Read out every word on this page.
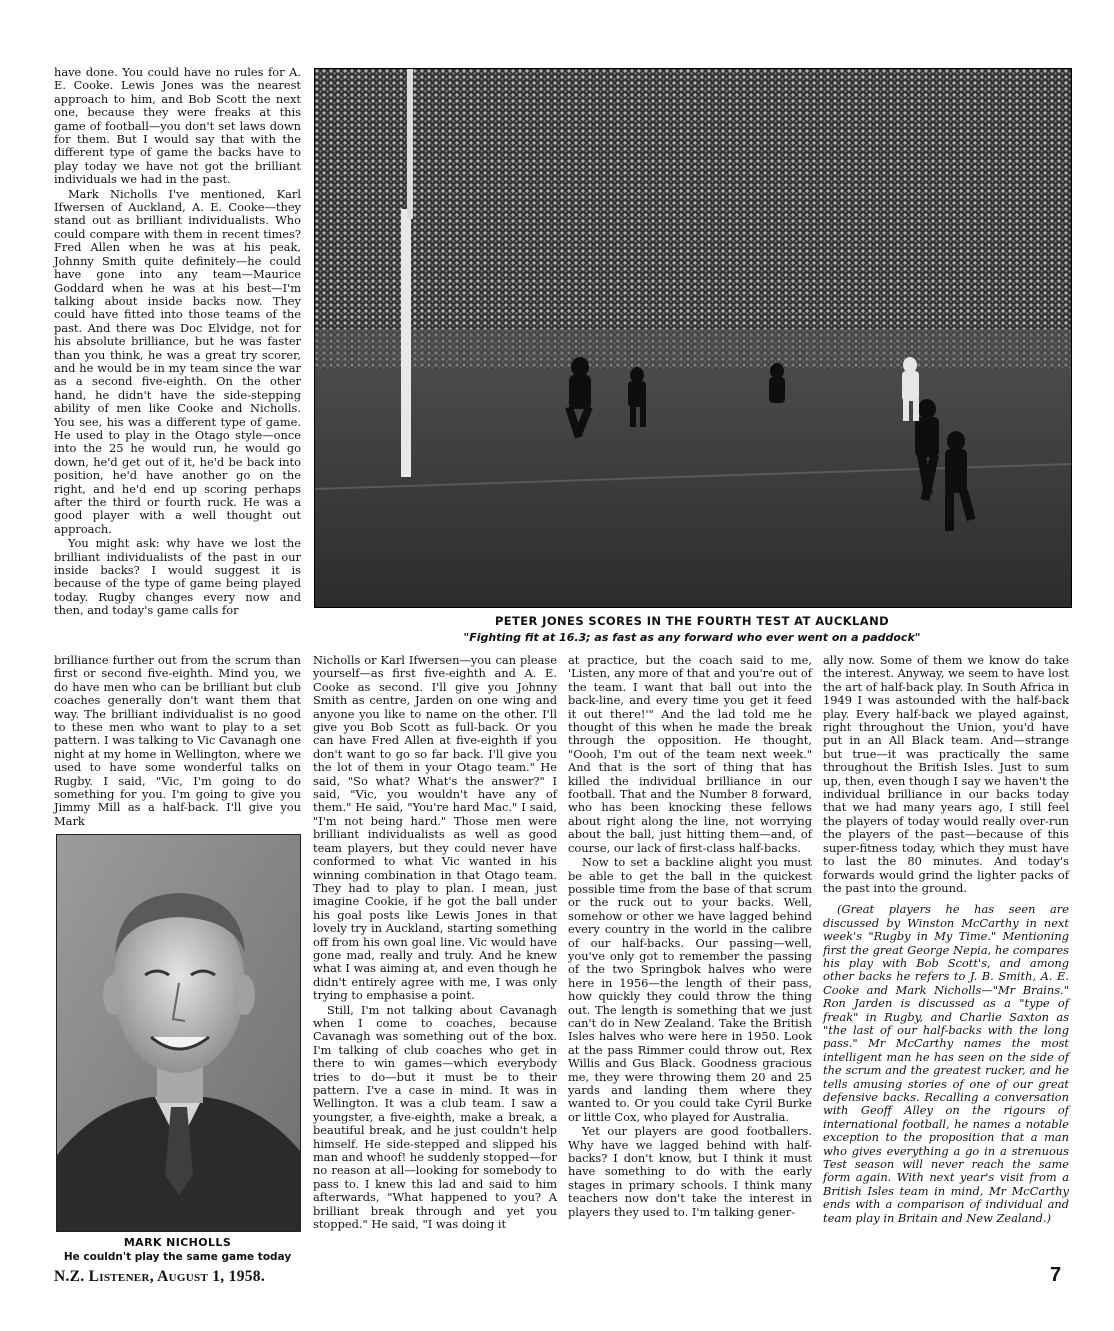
have done. You could have no rules for A. E. Cooke. Lewis Jones was the nearest approach to him, and Bob Scott the next one, because they were freaks at this game of football—you don't set laws down for them. But I would say that with the different type of game the backs have to play today we have not got the brilliant individuals we had in the past.

Mark Nicholls I've mentioned, Karl Ifwersen of Auckland, A. E. Cooke—they stand out as brilliant individualists. Who could compare with them in recent times? Fred Allen when he was at his peak, Johnny Smith quite definitely—he could have gone into any team—Maurice Goddard when he was at his best—I'm talking about inside backs now. They could have fitted into those teams of the past. And there was Doc Elvidge, not for his absolute brilliance, but he was faster than you think, he was a great try scorer, and he would be in my team since the war as a second five-eighth. On the other hand, he didn't have the side-stepping ability of men like Cooke and Nicholls. You see, his was a different type of game. He used to play in the Otago style—once into the 25 he would run, he would go down, he'd get out of it, he'd be back into position, he'd have another go on the right, and he'd end up scoring perhaps after the third or fourth ruck. He was a good player with a well thought out approach.

You might ask: why have we lost the brilliant individualists of the past in our inside backs? I would suggest it is because of the type of game being played today. Rugby changes every now and then, and today's game calls for

PETER JONES SCORES IN THE FOURTH TEST AT AUCKLAND
"Fighting fit at 16.3; as fast as any forward who ever went on a paddock"

brilliance further out from the scrum than first or second five-eighth. Mind you, we do have men who can be brilliant but club coaches generally don't want them that way. The brilliant individualist is no good to these men who want to play to a set pattern. I was talking to Vic Cavanagh one night at my home in Wellington, where we used to have some wonderful talks on Rugby. I said, "Vic, I'm going to do something for you. I'm going to give you Jimmy Mill as a half-back. I'll give you Mark

MARK NICHOLLS
He couldn't play the same game today

Nicholls or Karl Ifwersen—you can please yourself—as first five-eighth and A. E. Cooke as second. I'll give you Johnny Smith as centre, Jarden on one wing and anyone you like to name on the other. I'll give you Bob Scott as full-back. Or you can have Fred Allen at five-eighth if you don't want to go so far back. I'll give you the lot of them in your Otago team." He said, "So what? What's the answer?" I said, "Vic, you wouldn't have any of them." He said, "You're hard Mac." I said, "I'm not being hard." Those men were brilliant individualists as well as good team players, but they could never have conformed to what Vic wanted in his winning combination in that Otago team. They had to play to plan. I mean, just imagine Cookie, if he got the ball under his goal posts like Lewis Jones in that lovely try in Auckland, starting something off from his own goal line. Vic would have gone mad, really and truly. And he knew what I was aiming at, and even though he didn't entirely agree with me, I was only trying to emphasise a point.

Still, I'm not talking about Cavanagh when I come to coaches, because Cavanagh was something out of the box. I'm talking of club coaches who get in there to win games—which everybody tries to do—but it must be to their pattern. I've a case in mind. It was in Wellington. It was a club team. I saw a youngster, a five-eighth, make a break, a beautiful break, and he just couldn't help himself. He side-stepped and slipped his man and whoof! he suddenly stopped—for no reason at all—looking for somebody to pass to. I knew this lad and said to him afterwards, "What happened to you? A brilliant break through and yet you stopped." He said, "I was doing it

at practice, but the coach said to me, 'Listen, any more of that and you're out of the team. I want that ball out into the back-line, and every time you get it feed it out there!'" And the lad told me he thought of this when he made the break through the opposition. He thought, "Oooh, I'm out of the team next week." And that is the sort of thing that has killed the individual brilliance in our football. That and the Number 8 forward, who has been knocking these fellows about right along the line, not worrying about the ball, just hitting them—and, of course, our lack of first-class half-backs.

Now to set a backline alight you must be able to get the ball in the quickest possible time from the base of that scrum or the ruck out to your backs. Well, somehow or other we have lagged behind every country in the world in the calibre of our half-backs. Our passing—well, you've only got to remember the passing of the two Springbok halves who were here in 1956—the length of their pass, how quickly they could throw the thing out. The length is something that we just can't do in New Zealand. Take the British Isles halves who were here in 1950. Look at the pass Rimmer could throw out, Rex Willis and Gus Black. Goodness gracious me, they were throwing them 20 and 25 yards and landing them where they wanted to. Or you could take Cyril Burke or little Cox, who played for Australia.

Yet our players are good footballers. Why have we lagged behind with half-backs? I don't know, but I think it must have something to do with the early stages in primary schools. I think many teachers now don't take the interest in players they used to. I'm talking gener-

ally now. Some of them we know do take the interest. Anyway, we seem to have lost the art of half-back play. In South Africa in 1949 I was astounded with the half-back play. Every half-back we played against, right throughout the Union, you'd have put in an All Black team. And—strange but true—it was practically the same throughout the British Isles. Just to sum up, then, even though I say we haven't the individual brilliance in our backs today that we had many years ago, I still feel the players of today would really over-run the players of the past—because of this super-fitness today, which they must have to last the 80 minutes. And today's forwards would grind the lighter packs of the past into the ground.

(Great players he has seen are discussed by Winston McCarthy in next week's "Rugby in My Time." Mentioning first the great George Nepia, he compares his play with Bob Scott's, and among other backs he refers to J. B. Smith, A. E. Cooke and Mark Nicholls—"Mr Brains." Ron Jarden is discussed as a "type of freak" in Rugby, and Charlie Saxton as "the last of our half-backs with the long pass." Mr McCarthy names the most intelligent man he has seen on the side of the scrum and the greatest rucker, and he tells amusing stories of one of our great defensive backs. Recalling a conversation with Geoff Alley on the rigours of international football, he names a notable exception to the proposition that a man who gives everything a go in a strenuous Test season will never reach the same form again. With next year's visit from a British Isles team in mind, Mr McCarthy ends with a comparison of individual and team play in Britain and New Zealand.)

N.Z. Listener, August 1, 1958.	7
